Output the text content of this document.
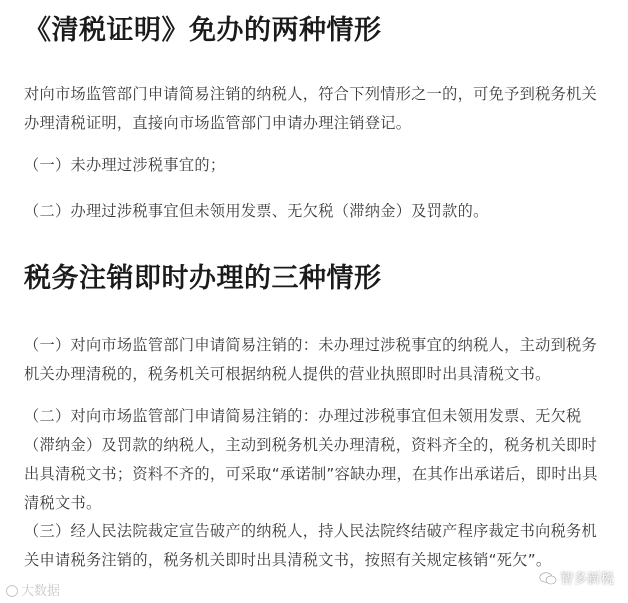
《清税证明》免办的两种情形

对向市场监管部门申请简易注销的纳税人，符合下列情形之一的，可免予到税务机关办理清税证明，直接向市场监管部门申请办理注销登记。

（一）未办理过涉税事宜的；

（二）办理过涉税事宜但未领用发票、无欠税（滞纳金）及罚款的。

税务注销即时办理的三种情形

（一）对向市场监管部门申请简易注销的：未办理过涉税事宜的纳税人，主动到税务机关办理清税的，税务机关可根据纳税人提供的营业执照即时出具清税文书。

（二）对向市场监管部门申请简易注销的：办理过涉税事宜但未领用发票、无欠税（滞纳金）及罚款的纳税人，主动到税务机关办理清税，资料齐全的，税务机关即时出具清税文书；资料不齐的，可采取“承诺制”容缺办理，在其作出承诺后，即时出具清税文书。

（三）经人民法院裁定宣告破产的纳税人，持人民法院终结破产程序裁定书向税务机关申请税务注销的，税务机关即时出具清税文书，按照有关规定核销“死欠”。

大数据
智多新税
